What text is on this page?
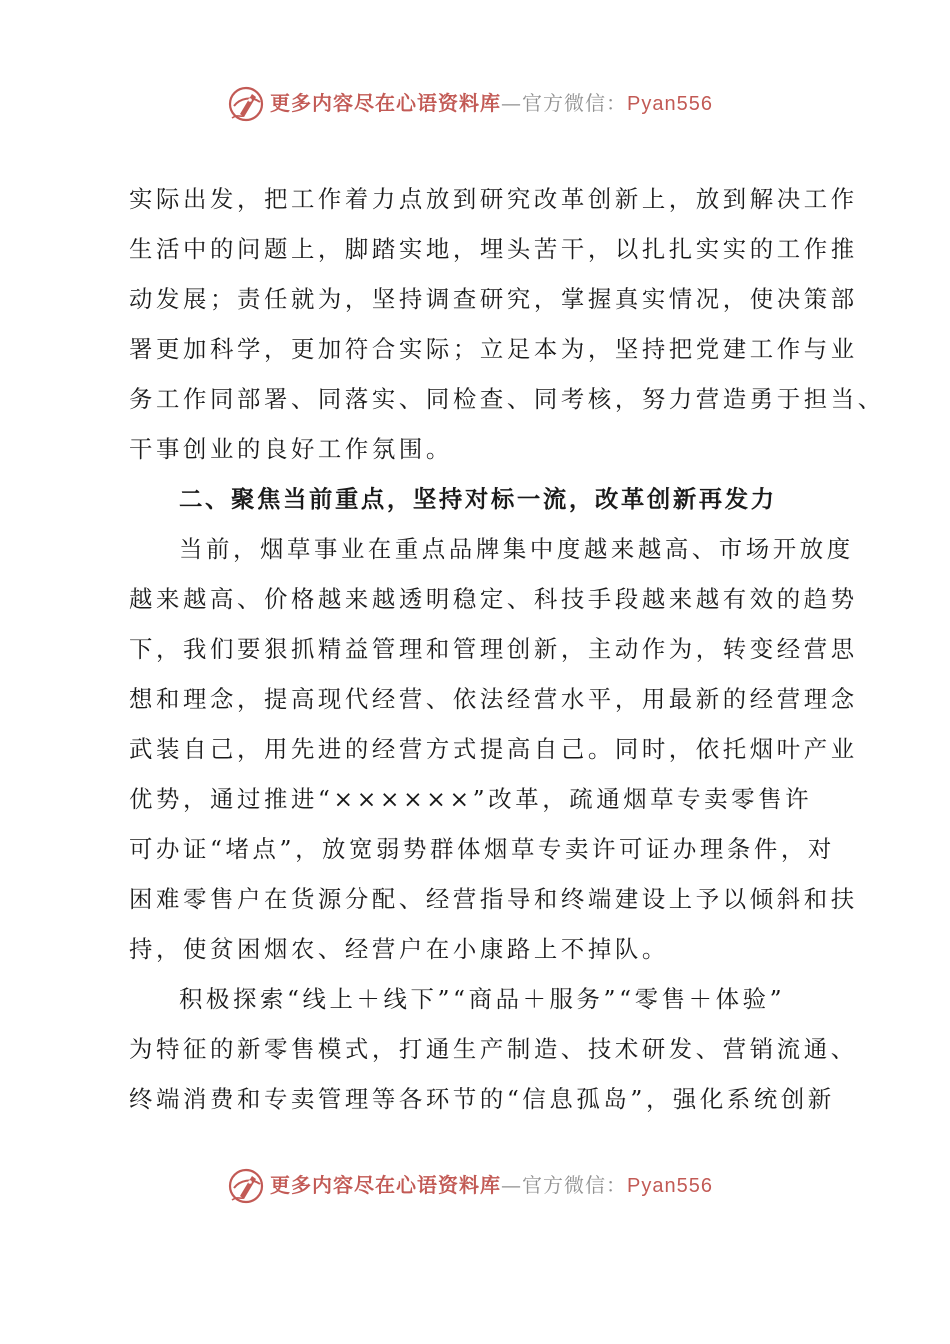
更多内容尽在心语资料库—官方微信：Pyan556
实际出发，把工作着力点放到研究改革创新上，放到解决工作
生活中的问题上，脚踏实地，埋头苦干，以扎扎实实的工作推
动发展；责任就为，坚持调查研究，掌握真实情况，使决策部
署更加科学，更加符合实际；立足本为，坚持把党建工作与业
务工作同部署、同落实、同检查、同考核，努力营造勇于担当、
干事创业的良好工作氛围。
二、聚焦当前重点，坚持对标一流，改革创新再发力
当前，烟草事业在重点品牌集中度越来越高、市场开放度
越来越高、价格越来越透明稳定、科技手段越来越有效的趋势
下，我们要狠抓精益管理和管理创新，主动作为，转变经营思
想和理念，提高现代经营、依法经营水平，用最新的经营理念
武装自己，用先进的经营方式提高自己。同时，依托烟叶产业
优势，通过推进“××××××”改革，疏通烟草专卖零售许
可办证“堵点”，放宽弱势群体烟草专卖许可证办理条件，对
困难零售户在货源分配、经营指导和终端建设上予以倾斜和扶
持，使贫困烟农、经营户在小康路上不掉队。
积极探索“线上＋线下”“商品＋服务”“零售＋体验”
为特征的新零售模式，打通生产制造、技术研发、营销流通、
终端消费和专卖管理等各环节的“信息孤岛”，强化系统创新
更多内容尽在心语资料库—官方微信：Pyan556
